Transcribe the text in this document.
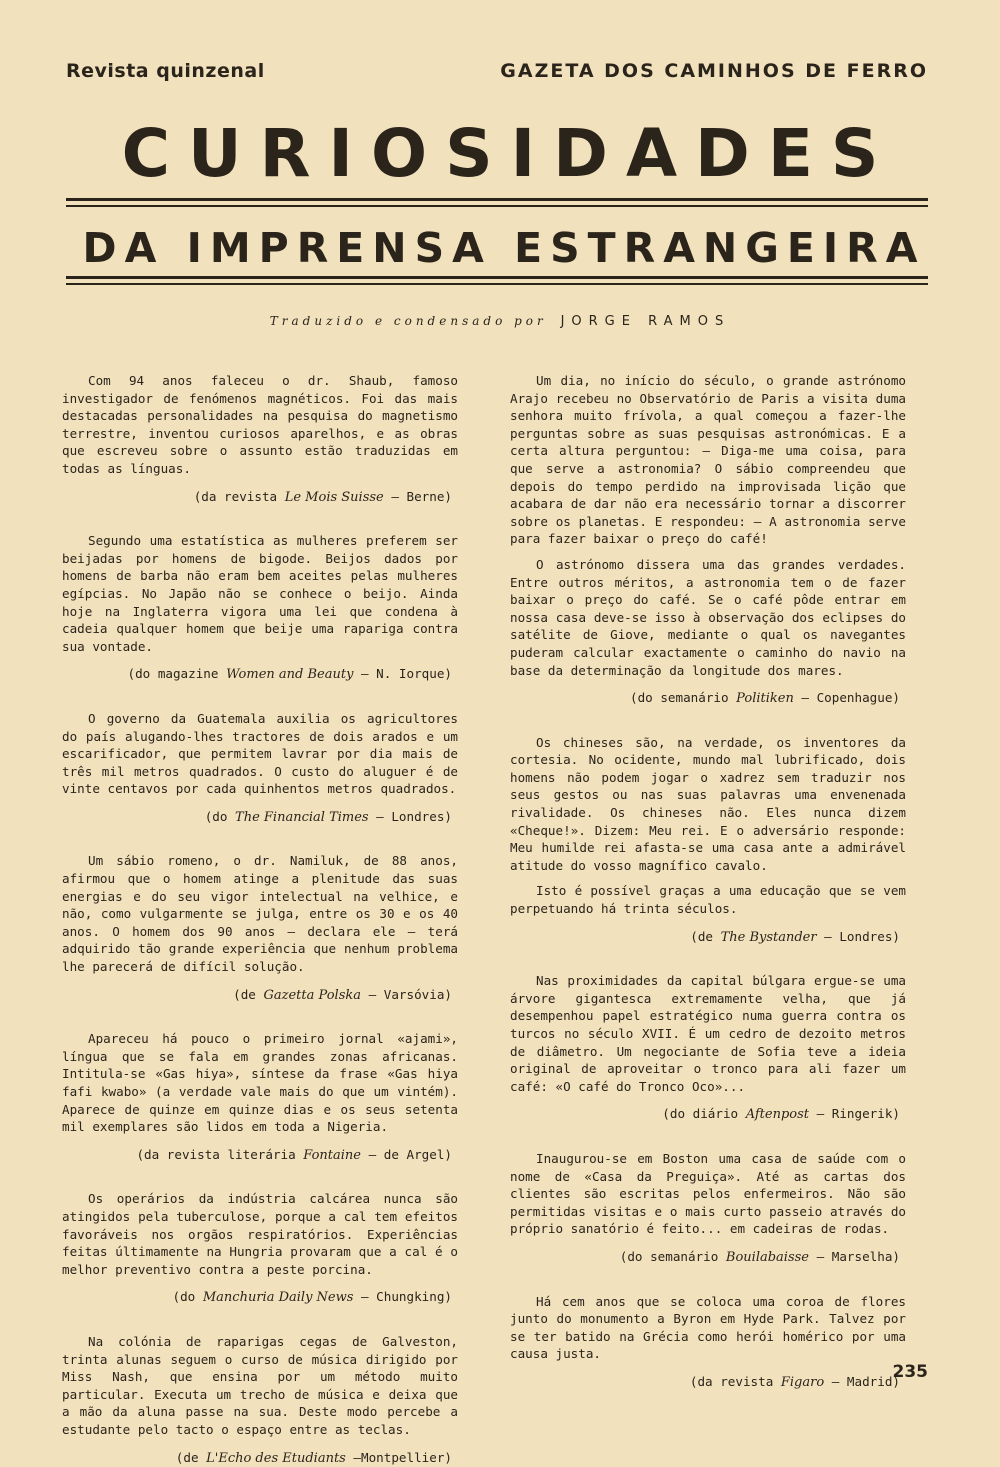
Revista quinzenal	GAZETA DOS CAMINHOS DE FERRO
CURIOSIDADES
DA IMPRENSA ESTRANGEIRA
Traduzido e condensado por JORGE RAMOS

Com 94 anos faleceu o dr. Shaub, famoso investigador de fenómenos magnéticos. Foi das mais destacadas personalidades na pesquisa do magnetismo terrestre, inventou curiosos aparelhos, e as obras que escreveu sobre o assunto estão traduzidas em todas as línguas.

(da revista Le Mois Suisse — Berne)

Segundo uma estatística as mulheres preferem ser beijadas por homens de bigode. Beijos dados por homens de barba não eram bem aceites pelas mulheres egípcias. No Japão não se conhece o beijo. Ainda hoje na Inglaterra vigora uma lei que condena à cadeia qualquer homem que beije uma rapariga contra sua vontade.

(do magazine Women and Beauty — N. Iorque)

O governo da Guatemala auxilia os agricultores do país alugando-lhes tractores de dois arados e um escarificador, que permitem lavrar por dia mais de três mil metros quadrados. O custo do aluguer é de vinte centavos por cada quinhentos metros quadrados.

(do The Financial Times — Londres)

Um sábio romeno, o dr. Namiluk, de 88 anos, afirmou que o homem atinge a plenitude das suas energias e do seu vigor intelectual na velhice, e não, como vulgarmente se julga, entre os 30 e os 40 anos. O homem dos 90 anos — declara ele — terá adquirido tão grande experiência que nenhum problema lhe parecerá de difícil solução.

(de Gazetta Polska — Varsóvia)

Apareceu há pouco o primeiro jornal «ajami», língua que se fala em grandes zonas africanas. Intitula-se «Gas hiya», síntese da frase «Gas hiya fafi kwabo» (a verdade vale mais do que um vintém). Aparece de quinze em quinze dias e os seus setenta mil exemplares são lidos em toda a Nigeria.

(da revista literária Fontaine — de Argel)

Os operários da indústria calcárea nunca são atingidos pela tuberculose, porque a cal tem efeitos favoráveis nos orgãos respiratórios. Experiências feitas últimamente na Hungria provaram que a cal é o melhor preventivo contra a peste porcina.

(do Manchuria Daily News — Chungking)

Na colónia de raparigas cegas de Galveston, trinta alunas seguem o curso de música dirigido por Miss Nash, que ensina por um método muito particular. Executa um trecho de música e deixa que a mão da aluna passe na sua. Deste modo percebe a estudante pelo tacto o espaço entre as teclas.

(de L'Echo des Etudiants —Montpellier)

Um dia, no início do século, o grande astrónomo Arajo recebeu no Observatório de Paris a visita duma senhora muito frívola, a qual começou a fazer-lhe perguntas sobre as suas pesquisas astronómicas. E a certa altura perguntou: — Diga-me uma coisa, para que serve a astronomia? O sábio compreendeu que depois do tempo perdido na improvisada lição que acabara de dar não era necessário tornar a discorrer sobre os planetas. E respondeu: — A astronomia serve para fazer baixar o preço do café!

O astrónomo dissera uma das grandes verdades. Entre outros méritos, a astronomia tem o de fazer baixar o preço do café. Se o café pôde entrar em nossa casa deve-se isso à observação dos eclipses do satélite de Giove, mediante o qual os navegantes puderam calcular exactamente o caminho do navio na base da determinação da longitude dos mares.

(do semanário Politiken — Copenhague)

Os chineses são, na verdade, os inventores da cortesia. No ocidente, mundo mal lubrificado, dois homens não podem jogar o xadrez sem traduzir nos seus gestos ou nas suas palavras uma envenenada rivalidade. Os chineses não. Eles nunca dizem «Cheque!». Dizem: Meu rei. E o adversário responde: Meu humilde rei afasta-se uma casa ante a admirável atitude do vosso magnífico cavalo.

Isto é possível graças a uma educação que se vem perpetuando há trinta séculos.

(de The Bystander — Londres)

Nas proximidades da capital búlgara ergue-se uma árvore gigantesca extremamente velha, que já desempenhou papel estratégico numa guerra contra os turcos no século XVII. É um cedro de dezoito metros de diâmetro. Um negociante de Sofia teve a ideia original de aproveitar o tronco para ali fazer um café: «O café do Tronco Oco»...

(do diário Aftenpost — Ringerik)

Inaugurou-se em Boston uma casa de saúde com o nome de «Casa da Preguiça». Até as cartas dos clientes são escritas pelos enfermeiros. Não são permitidas visitas e o mais curto passeio através do próprio sanatório é feito... em cadeiras de rodas.

(do semanário Bouilabaisse — Marselha)

Há cem anos que se coloca uma coroa de flores junto do monumento a Byron em Hyde Park. Talvez por se ter batido na Grécia como herói homérico por uma causa justa.

(da revista Figaro — Madrid)
235
